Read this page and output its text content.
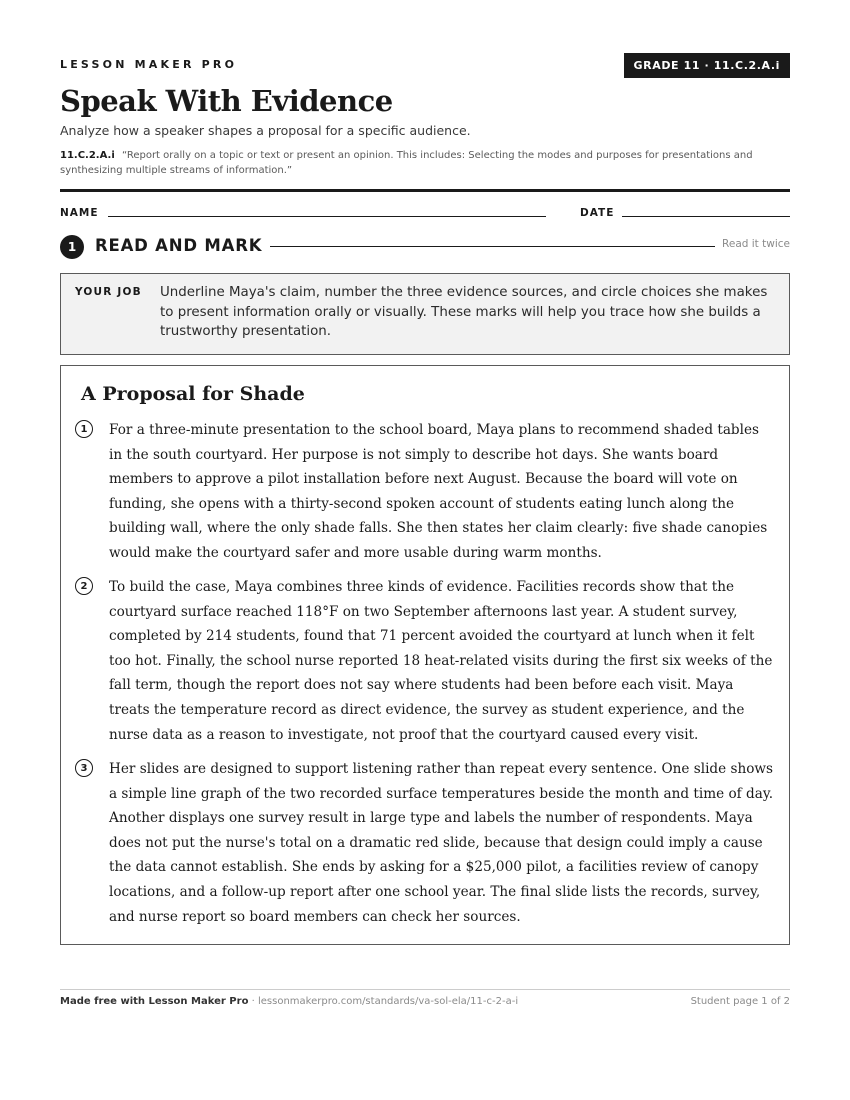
LESSON MAKER PRO	GRADE 11 · 11.C.2.A.i
Speak With Evidence
Analyze how a speaker shapes a proposal for a specific audience.
11.C.2.A.i “Report orally on a topic or text or present an opinion. This includes: Selecting the modes and purposes for presentations and synthesizing multiple streams of information.”
NAME	DATE
1	READ AND MARK	Read it twice
YOUR JOB Underline Maya's claim, number the three evidence sources, and circle choices she makes to present information orally or visually. These marks will help you trace how she builds a trustworthy presentation.
A Proposal for Shade
1	For a three-minute presentation to the school board, Maya plans to recommend shaded tables in the south courtyard. Her purpose is not simply to describe hot days. She wants board members to approve a pilot installation before next August. Because the board will vote on funding, she opens with a thirty-second spoken account of students eating lunch along the building wall, where the only shade falls. She then states her claim clearly: five shade canopies would make the courtyard safer and more usable during warm months.

2	To build the case, Maya combines three kinds of evidence. Facilities records show that the courtyard surface reached 118°F on two September afternoons last year. A student survey, completed by 214 students, found that 71 percent avoided the courtyard at lunch when it felt too hot. Finally, the school nurse reported 18 heat-related visits during the first six weeks of the fall term, though the report does not say where students had been before each visit. Maya treats the temperature record as direct evidence, the survey as student experience, and the nurse data as a reason to investigate, not proof that the courtyard caused every visit.

3	Her slides are designed to support listening rather than repeat every sentence. One slide shows a simple line graph of the two recorded surface temperatures beside the month and time of day. Another displays one survey result in large type and labels the number of respondents. Maya does not put the nurse's total on a dramatic red slide, because that design could imply a cause the data cannot establish. She ends by asking for a $25,000 pilot, a facilities review of canopy locations, and a follow-up report after one school year. The final slide lists the records, survey, and nurse report so board members can check her sources.

Made free with Lesson Maker Pro · lessonmakerpro.com/standards/va-sol-ela/11-c-2-a-i	Student page 1 of 2
